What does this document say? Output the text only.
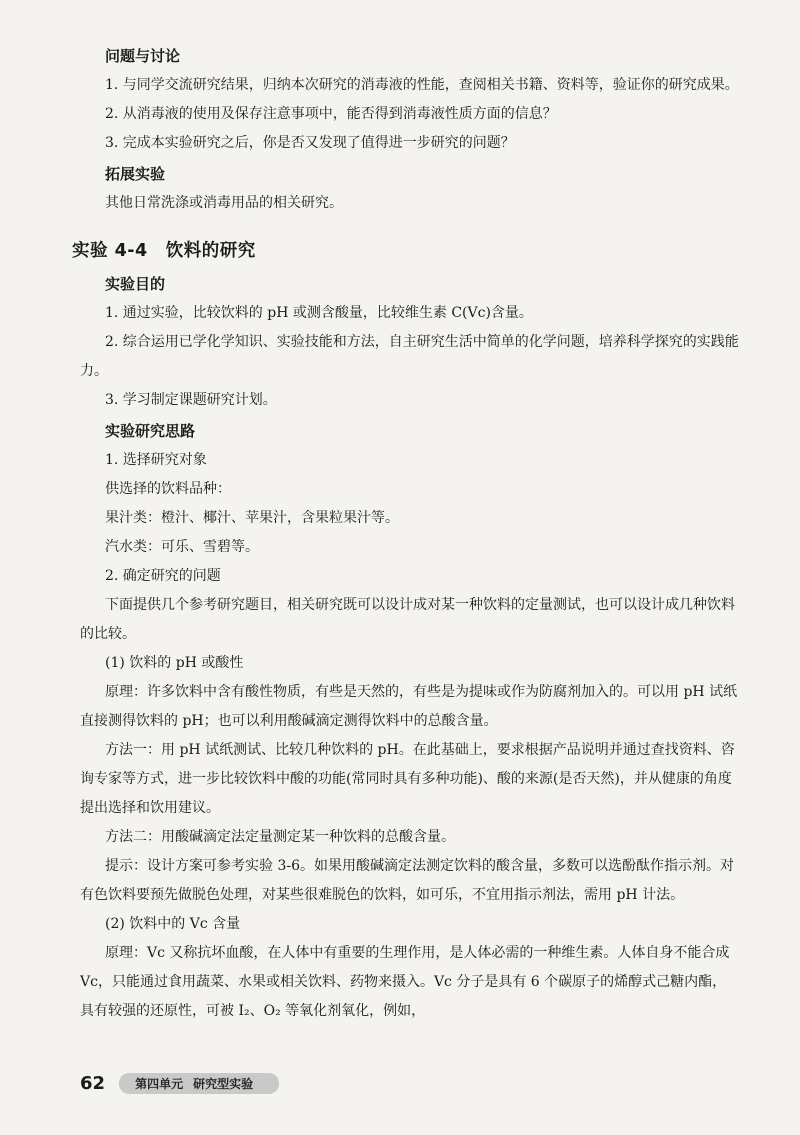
问题与讨论

1. 与同学交流研究结果，归纳本次研究的消毒液的性能，查阅相关书籍、资料等，验证你的研究成果。

2. 从消毒液的使用及保存注意事项中，能否得到消毒液性质方面的信息？

3. 完成本实验研究之后，你是否又发现了值得进一步研究的问题？

拓展实验

其他日常洗涤或消毒用品的相关研究。

实验 4-4 饮料的研究
实验目的

1. 通过实验，比较饮料的 pH 或测含酸量，比较维生素 C(Vc)含量。

2. 综合运用已学化学知识、实验技能和方法，自主研究生活中简单的化学问题，培养科学探究的实践能力。

3. 学习制定课题研究计划。

实验研究思路

1. 选择研究对象

供选择的饮料品种：

果汁类：橙汁、椰汁、苹果汁，含果粒果汁等。

汽水类：可乐、雪碧等。

2. 确定研究的问题

下面提供几个参考研究题目，相关研究既可以设计成对某一种饮料的定量测试，也可以设计成几种饮料的比较。

(1) 饮料的 pH 或酸性

原理：许多饮料中含有酸性物质，有些是天然的，有些是为提味或作为防腐剂加入的。可以用 pH 试纸直接测得饮料的 pH；也可以利用酸碱滴定测得饮料中的总酸含量。

方法一：用 pH 试纸测试、比较几种饮料的 pH。在此基础上，要求根据产品说明并通过查找资料、咨询专家等方式，进一步比较饮料中酸的功能(常同时具有多种功能)、酸的来源(是否天然)，并从健康的角度提出选择和饮用建议。

方法二：用酸碱滴定法定量测定某一种饮料的总酸含量。

提示：设计方案可参考实验 3-6。如果用酸碱滴定法测定饮料的酸含量，多数可以选酚酞作指示剂。对有色饮料要预先做脱色处理，对某些很难脱色的饮料，如可乐，不宜用指示剂法，需用 pH 计法。

(2) 饮料中的 Vc 含量

原理：Vc 又称抗坏血酸，在人体中有重要的生理作用，是人体必需的一种维生素。人体自身不能合成 Vc，只能通过食用蔬菜、水果或相关饮料、药物来摄入。Vc 分子是具有 6 个碳原子的烯醇式己糖内酯，具有较强的还原性，可被 I₂、O₂ 等氧化剂氧化，例如，

62	第四单元 研究型实验
